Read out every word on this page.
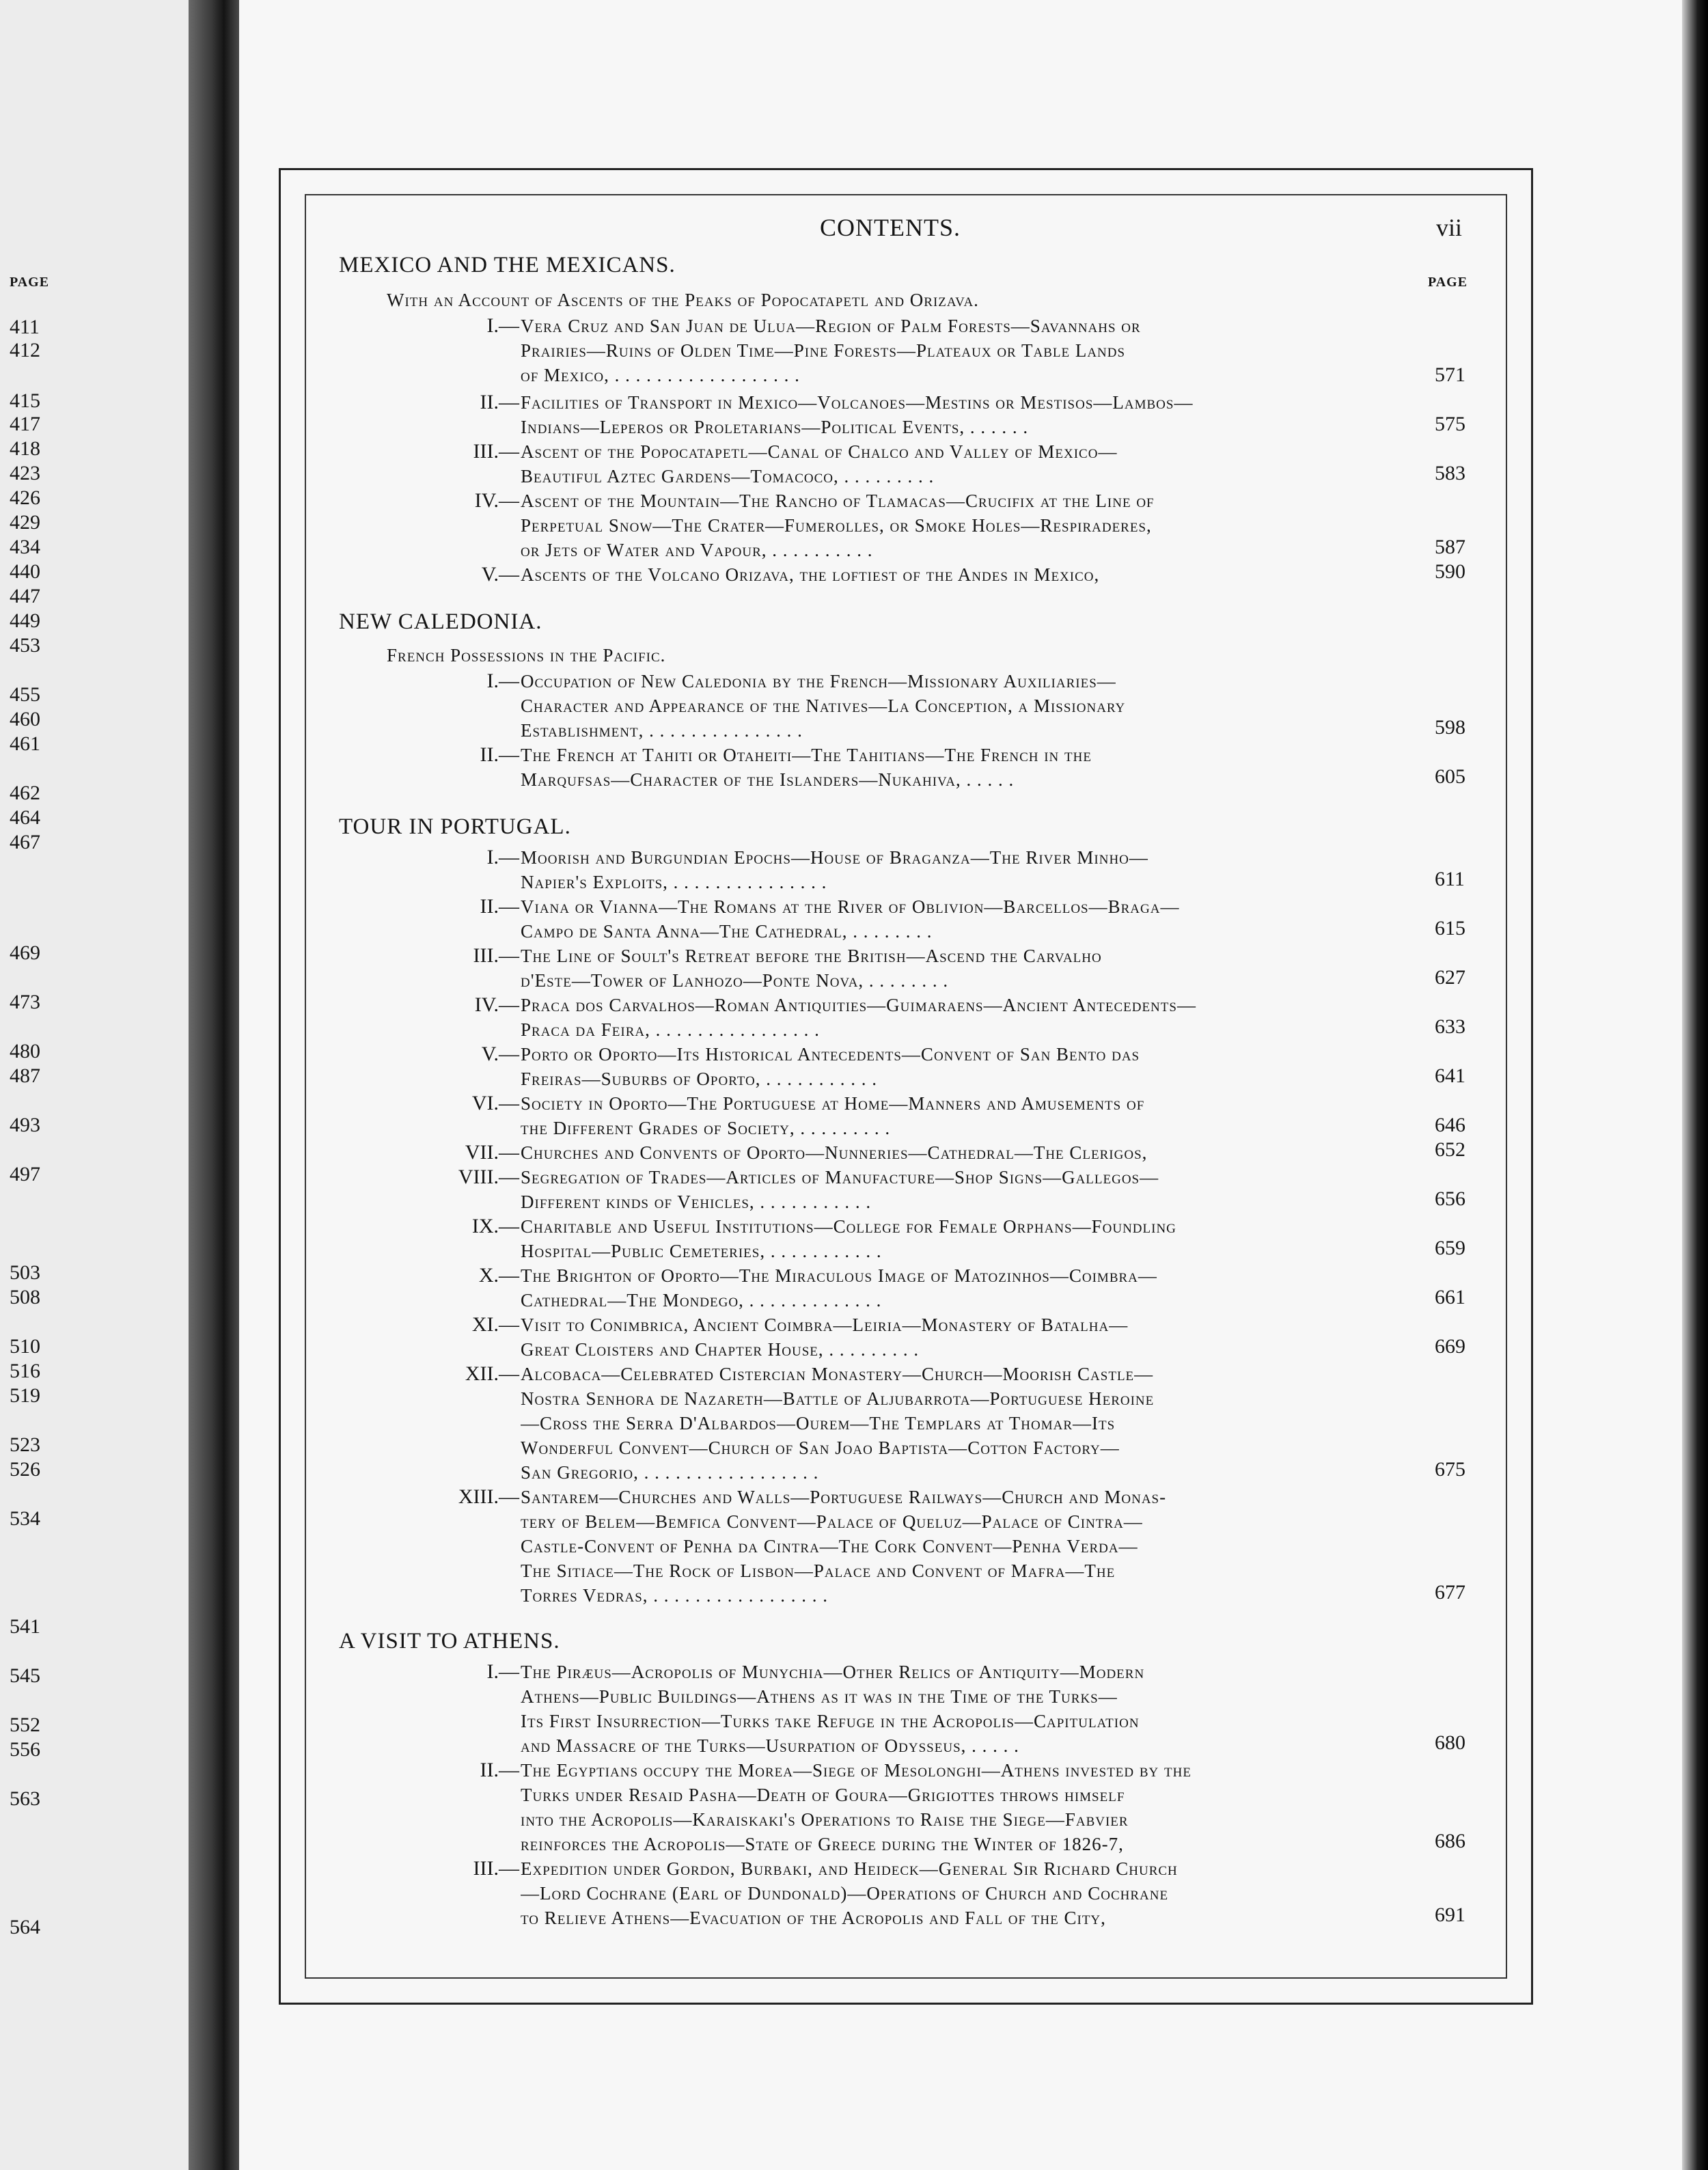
PAGE
411
412
415
417
418
423
426
429
434
440
447
449
453
455
460
461
462
464
467
469
473
480
487
493
497
503
508
510
516
519
523
526
534
541
545
552
556
563
564
CONTENTS.	vii
PAGE
MEXICO AND THE MEXICANS.
With an Account of Ascents of the Peaks of Popocatapetl and Orizava.
I.— Vera Cruz and San Juan de Ulua—Region of Palm Forests—Savannahs or
Prairies—Ruins of Olden Time—Pine Forests—Plateaux or Table Lands
of Mexico, . . . . . . . . . . . . . . . . . .	571
II.— Facilities of Transport in Mexico—Volcanoes—Mestins or Mestisos—Lambos—
Indians—Leperos or Proletarians—Political Events, . . . . . .	575
III.— Ascent of the Popocatapetl—Canal of Chalco and Valley of Mexico—
Beautiful Aztec Gardens—Tomacoco, . . . . . . . . .	583
IV.— Ascent of the Mountain—The Rancho of Tlamacas—Crucifix at the Line of
Perpetual Snow—The Crater—Fumerolles, or Smoke Holes—Respiraderes,
or Jets of Water and Vapour, . . . . . . . . . .	587
V.— Ascents of the Volcano Orizava, the loftiest of the Andes in Mexico,	590
NEW CALEDONIA.
French Possessions in the Pacific.
I.— Occupation of New Caledonia by the French—Missionary Auxiliaries—
Character and Appearance of the Natives—La Conception, a Missionary
Establishment, . . . . . . . . . . . . . . .	598
II.— The French at Tahiti or Otaheiti—The Tahitians—The French in the
Marqufsas—Character of the Islanders—Nukahiva, . . . . .	605
TOUR IN PORTUGAL.
I.— Moorish and Burgundian Epochs—House of Braganza—The River Minho—
Napier's Exploits, . . . . . . . . . . . . . . .	611
II.— Viana or Vianna—The Romans at the River of Oblivion—Barcellos—Braga—
Campo de Santa Anna—The Cathedral, . . . . . . . .	615
III.— The Line of Soult's Retreat before the British—Ascend the Carvalho
d'Este—Tower of Lanhozo—Ponte Nova, . . . . . . . .	627
IV.— Praca dos Carvalhos—Roman Antiquities—Guimaraens—Ancient Antecedents—
Praca da Feira, . . . . . . . . . . . . . . . .	633
V.— Porto or Oporto—Its Historical Antecedents—Convent of San Bento das
Freiras—Suburbs of Oporto, . . . . . . . . . . .	641
VI.— Society in Oporto—The Portuguese at Home—Manners and Amusements of
the Different Grades of Society, . . . . . . . . .	646
VII.— Churches and Convents of Oporto—Nunneries—Cathedral—The Clerigos,	652
VIII.— Segregation of Trades—Articles of Manufacture—Shop Signs—Gallegos—
Different kinds of Vehicles, . . . . . . . . . . .	656
IX.— Charitable and Useful Institutions—College for Female Orphans—Foundling
Hospital—Public Cemeteries, . . . . . . . . . . .	659
X.— The Brighton of Oporto—The Miraculous Image of Matozinhos—Coimbra—
Cathedral—The Mondego, . . . . . . . . . . . . .	661
XI.— Visit to Conimbrica, Ancient Coimbra—Leiria—Monastery of Batalha—
Great Cloisters and Chapter House, . . . . . . . . .	669
XII.— Alcobaca—Celebrated Cistercian Monastery—Church—Moorish Castle—
Nostra Senhora de Nazareth—Battle of Aljubarrota—Portuguese Heroine
—Cross the Serra D'Albardos—Ourem—The Templars at Thomar—Its
Wonderful Convent—Church of San Joao Baptista—Cotton Factory—
San Gregorio, . . . . . . . . . . . . . . . . .	675
XIII.— Santarem—Churches and Walls—Portuguese Railways—Church and Monas-
tery of Belem—Bemfica Convent—Palace of Queluz—Palace of Cintra—
Castle-Convent of Penha da Cintra—The Cork Convent—Penha Verda—
The Sitiace—The Rock of Lisbon—Palace and Convent of Mafra—The
Torres Vedras, . . . . . . . . . . . . . . . . .	677
A VISIT TO ATHENS.
I.— The Piræus—Acropolis of Munychia—Other Relics of Antiquity—Modern
Athens—Public Buildings—Athens as it was in the Time of the Turks—
Its First Insurrection—Turks take Refuge in the Acropolis—Capitulation
and Massacre of the Turks—Usurpation of Odysseus, . . . . .	680
II.— The Egyptians occupy the Morea—Siege of Mesolonghi—Athens invested by the
Turks under Resaid Pasha—Death of Goura—Grigiottes throws himself
into the Acropolis—Karaiskaki's Operations to Raise the Siege—Fabvier
reinforces the Acropolis—State of Greece during the Winter of 1826-7,	686
III.— Expedition under Gordon, Burbaki, and Heideck—General Sir Richard Church
—Lord Cochrane (Earl of Dundonald)—Operations of Church and Cochrane
to Relieve Athens—Evacuation of the Acropolis and Fall of the City,	691
